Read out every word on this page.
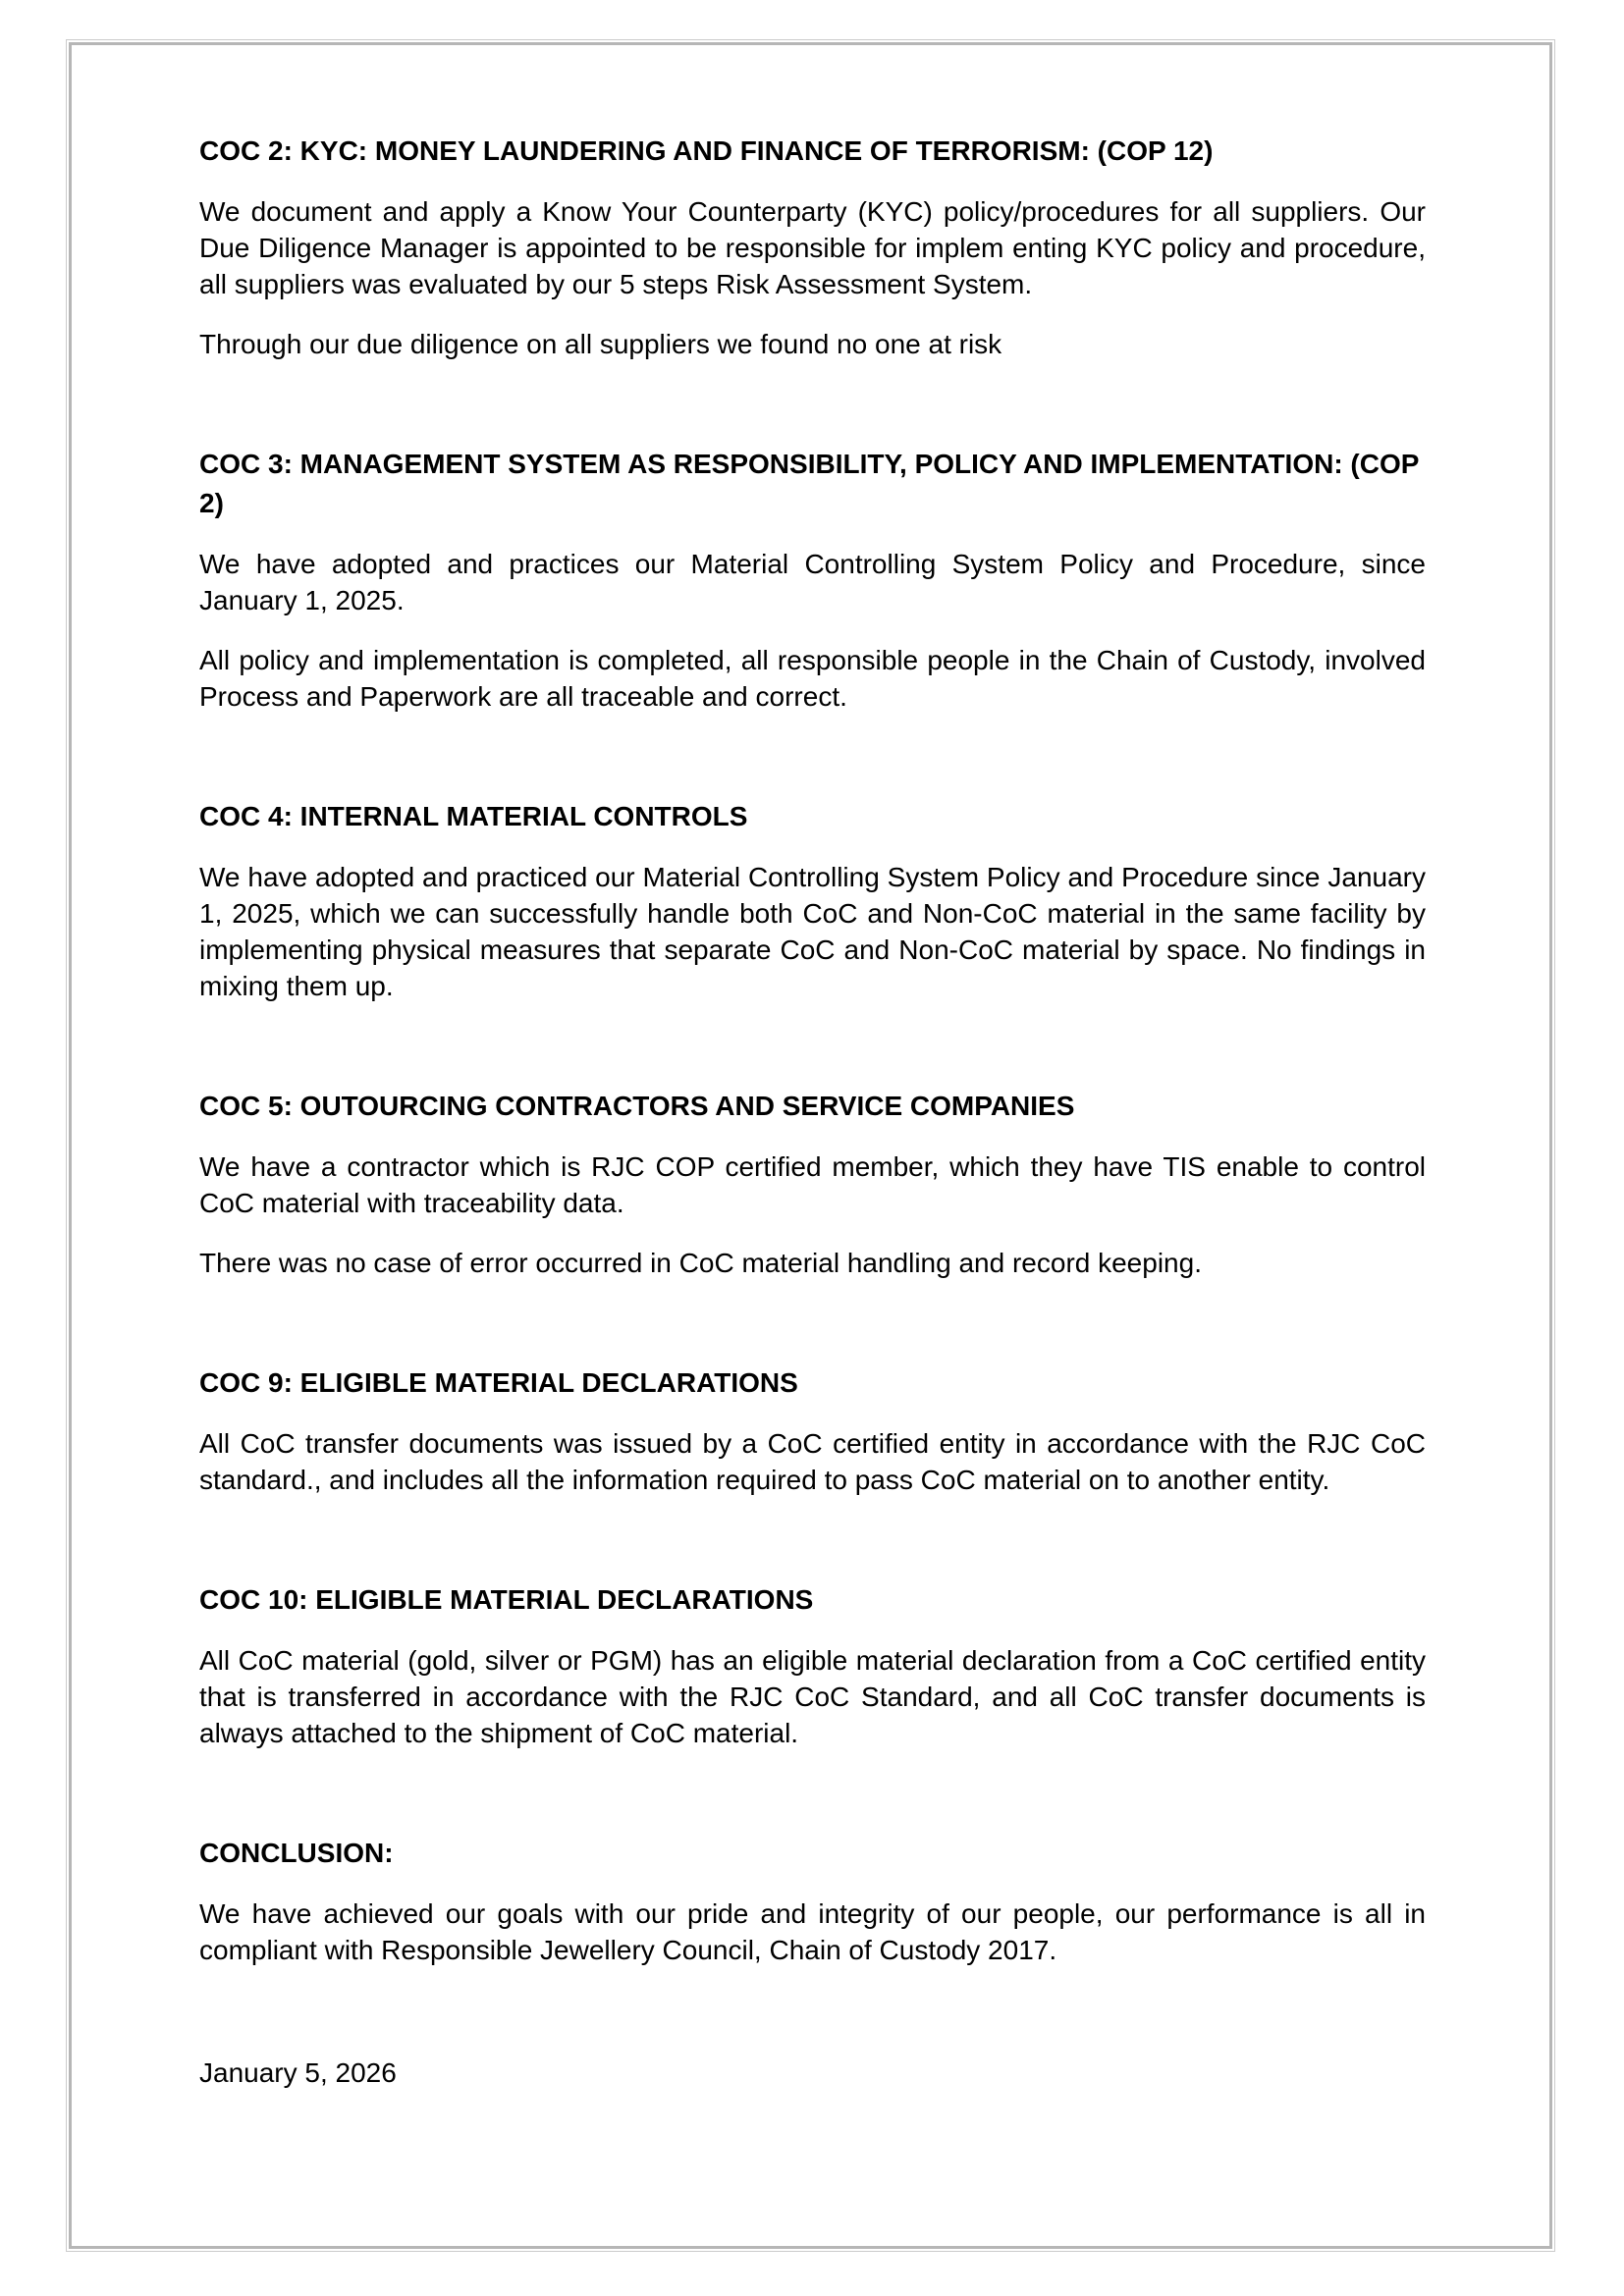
COC 2: KYC: MONEY LAUNDERING AND FINANCE OF TERRORISM: (COP 12)

We document and apply a Know Your Counterparty (KYC) policy/procedures for all suppliers. Our Due Diligence Manager is appointed to be responsible for implem enting KYC policy and procedure, all suppliers was evaluated by our 5 steps Risk Assessment System.

Through our due diligence on all suppliers we found no one at risk

COC 3: MANAGEMENT SYSTEM AS RESPONSIBILITY, POLICY AND IMPLEMENTATION: (COP 2)

We have adopted and practices our Material Controlling System Policy and Procedure, since January 1, 2025.

All policy and implementation is completed, all responsible people in the Chain of Custody, involved Process and Paperwork are all traceable and correct.

COC 4: INTERNAL MATERIAL CONTROLS

We have adopted and practiced our Material Controlling System Policy and Procedure since January 1, 2025, which we can successfully handle both CoC and Non-CoC material in the same facility by implementing physical measures that separate CoC and Non-CoC material by space. No findings in mixing them up.

COC 5: OUTOURCING CONTRACTORS AND SERVICE COMPANIES

We have a contractor which is RJC COP certified member, which they have TIS enable to control CoC material with traceability data.

There was no case of error occurred in CoC material handling and record keeping.

COC 9: ELIGIBLE MATERIAL DECLARATIONS

All CoC transfer documents was issued by a CoC certified entity in accordance with the RJC CoC standard., and includes all the information required to pass CoC material on to another entity.

COC 10: ELIGIBLE MATERIAL DECLARATIONS

All CoC material (gold, silver or PGM) has an eligible material declaration from a CoC certified entity that is transferred in accordance with the RJC CoC Standard, and all CoC transfer documents is always attached to the shipment of CoC material.

CONCLUSION:

We have achieved our goals with our pride and integrity of our people, our performance is all in compliant with Responsible Jewellery Council, Chain of Custody 2017.

January 5, 2026
